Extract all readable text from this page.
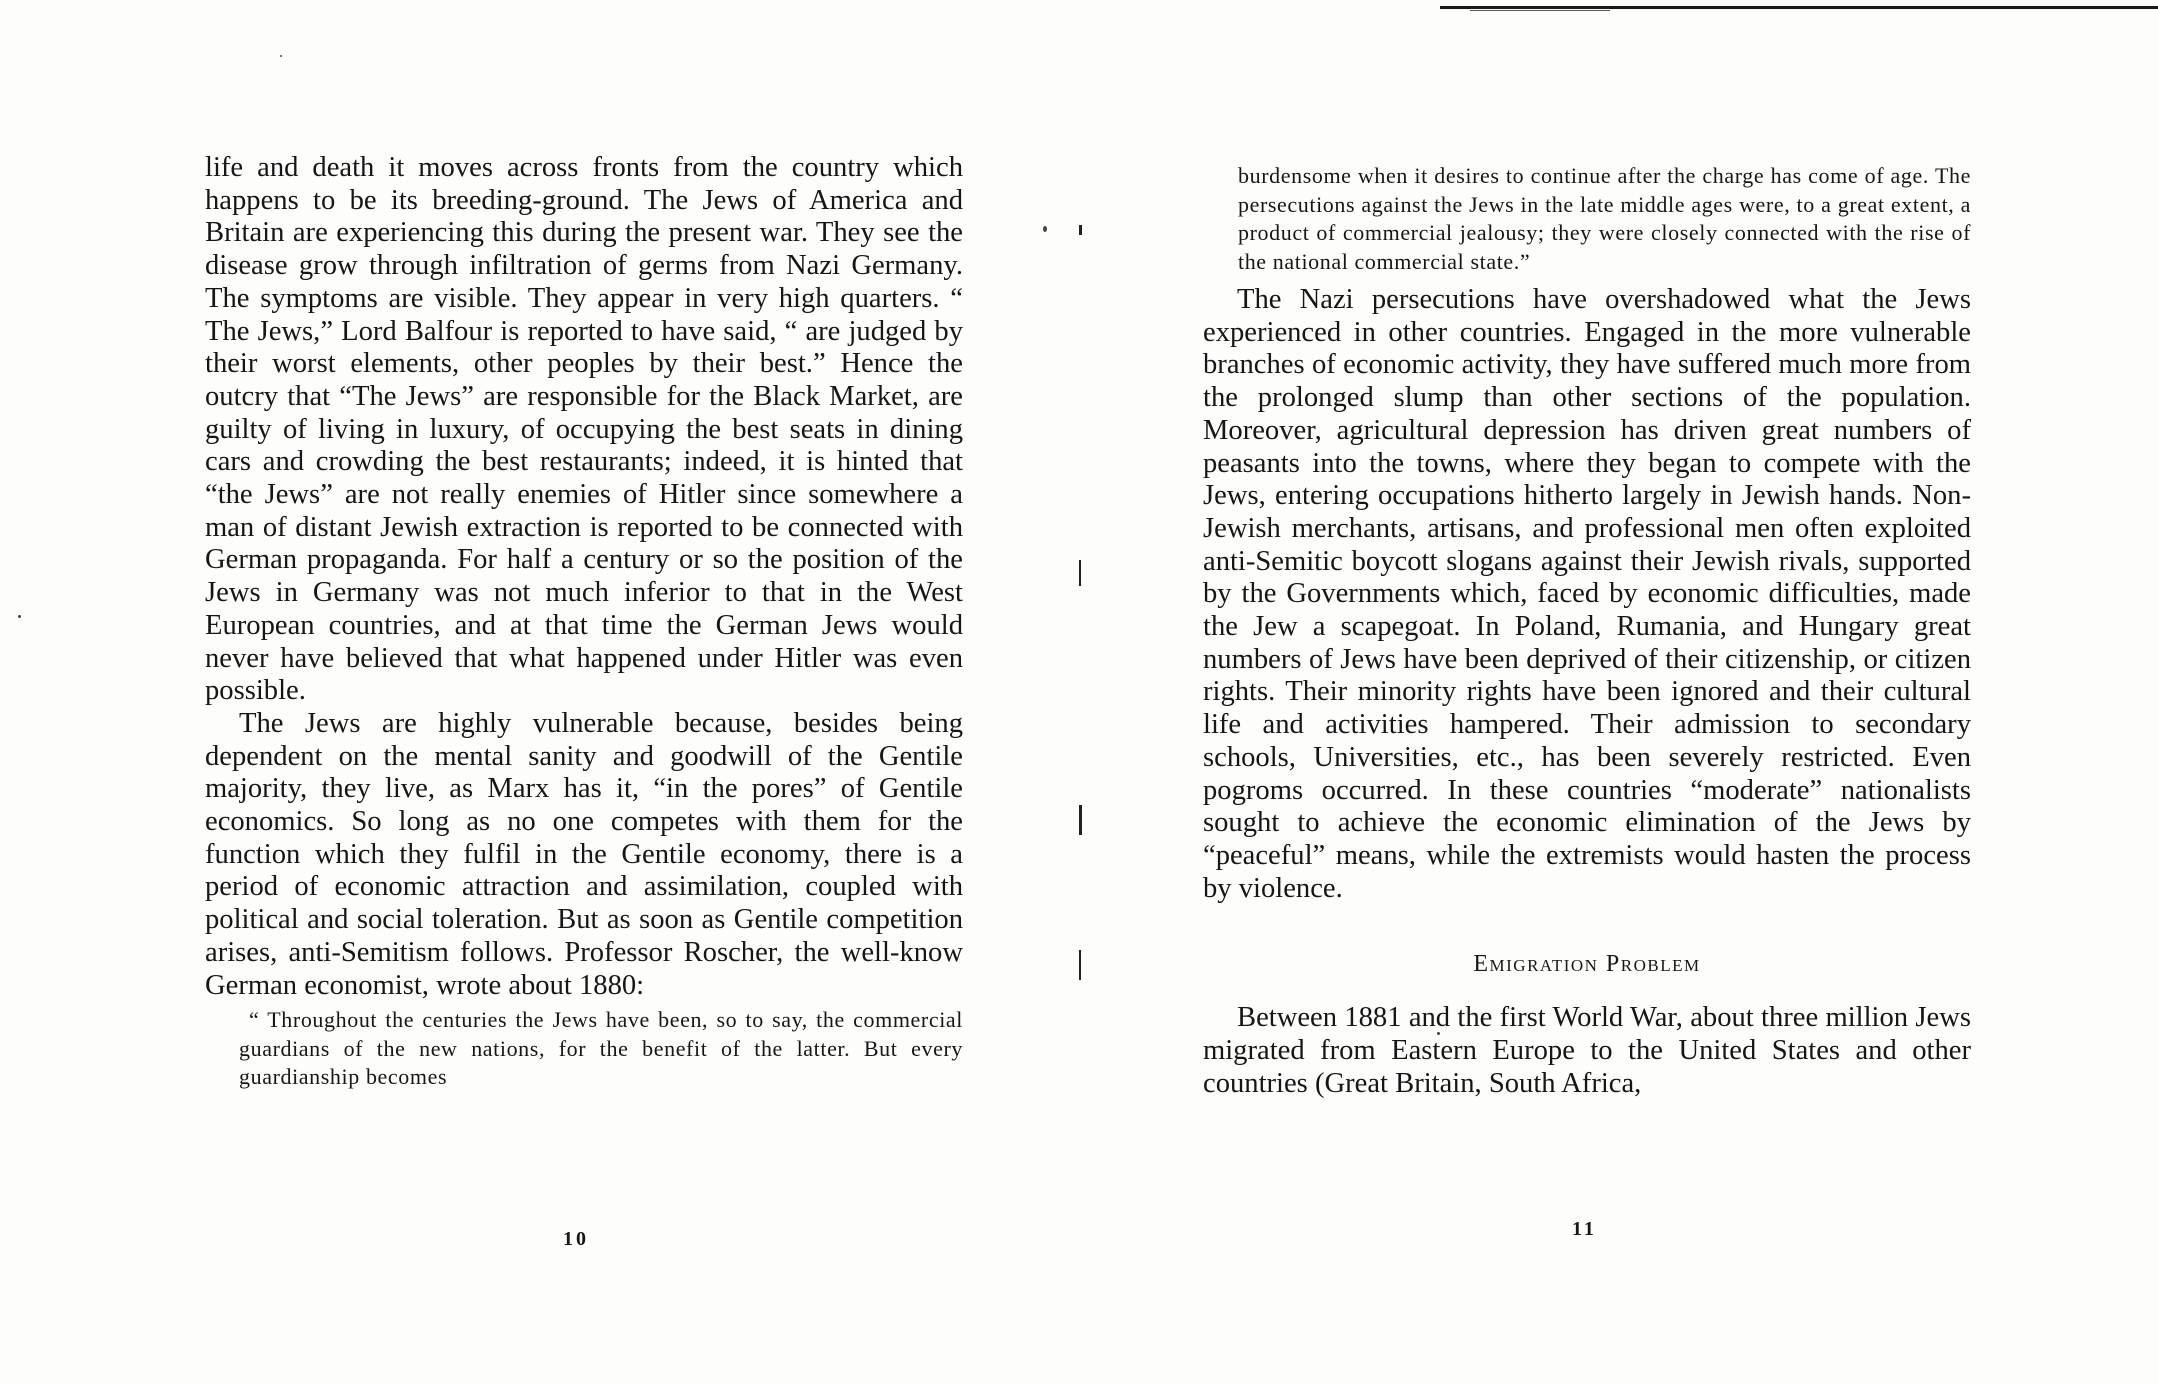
life and death it moves across fronts from the country which happens to be its breeding-ground. The Jews of America and Britain are experiencing this during the present war. They see the disease grow through infiltration of germs from Nazi Germany. The symptoms are visible. They appear in very high quarters. “ The Jews,” Lord Balfour is reported to have said, “ are judged by their worst elements, other peoples by their best.” Hence the outcry that “The Jews” are responsible for the Black Market, are guilty of living in luxury, of occupying the best seats in dining cars and crowding the best restaurants; indeed, it is hinted that “the Jews” are not really enemies of Hitler since somewhere a man of distant Jewish extraction is reported to be connected with German propaganda. For half a century or so the position of the Jews in Germany was not much inferior to that in the West European countries, and at that time the German Jews would never have believed that what happened under Hitler was even possible.

The Jews are highly vulnerable because, besides being dependent on the mental sanity and goodwill of the Gentile majority, they live, as Marx has it, “in the pores” of Gentile economics. So long as no one competes with them for the function which they fulfil in the Gentile economy, there is a period of economic attraction and assimilation, coupled with political and social toleration. But as soon as Gentile competition arises, anti-Semitism follows. Professor Roscher, the well-know German economist, wrote about 1880:

“ Throughout the centuries the Jews have been, so to say, the commercial guardians of the new nations, for the benefit of the latter. But every guardianship becomes

10

burdensome when it desires to continue after the charge has come of age. The persecutions against the Jews in the late middle ages were, to a great extent, a product of commercial jealousy; they were closely connected with the rise of the national commercial state.”

The Nazi persecutions have overshadowed what the Jews experienced in other countries. Engaged in the more vulnerable branches of economic activity, they have suffered much more from the prolonged slump than other sections of the population. Moreover, agricultural depression has driven great numbers of peasants into the towns, where they began to compete with the Jews, entering occupations hitherto largely in Jewish hands. Non-Jewish merchants, artisans, and professional men often exploited anti-Semitic boycott slogans against their Jewish rivals, supported by the Governments which, faced by economic difficulties, made the Jew a scapegoat. In Poland, Rumania, and Hungary great numbers of Jews have been deprived of their citizenship, or citizen rights. Their minority rights have been ignored and their cultural life and activities hampered. Their admission to secondary schools, Universities, etc., has been severely restricted. Even pogroms occurred. In these countries “moderate” nationalists sought to achieve the economic elimination of the Jews by “peaceful” means, while the extremists would hasten the process by violence.

Emigration Problem

Between 1881 and the first World War, about three million Jews migrated from Eastern Europe to the United States and other countries (Great Britain, South Africa,

11
